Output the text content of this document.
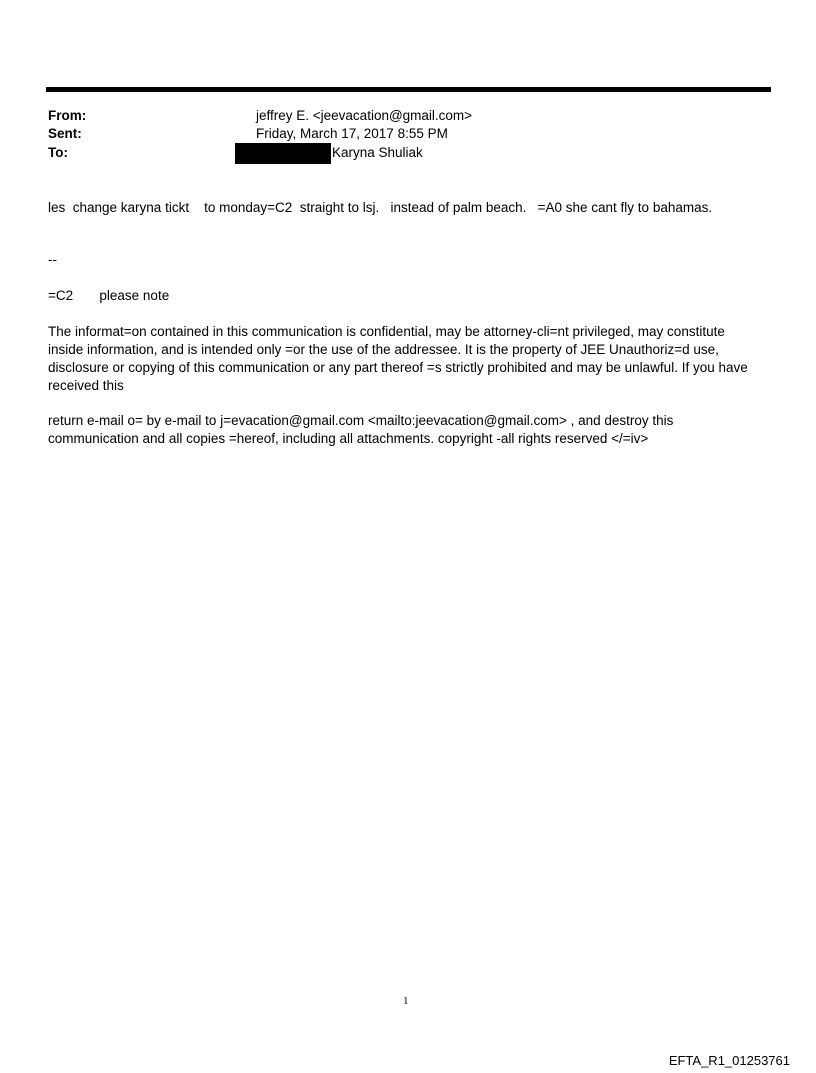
From:	jeffrey E. <jeevacation@gmail.com>
Sent:	Friday, March 17, 2017 8:55 PM
To:	Karyna Shuliak
les  change karyna tickt    to monday=C2  straight to lsj.   instead of palm beach.   =A0 she cant fly to bahamas.
--
=C2       please note
The informat=on contained in this communication is confidential, may be attorney-cli=nt privileged, may constitute inside information, and is intended only =or the use of the addressee. It is the property of JEE Unauthoriz=d use, disclosure or copying of this communication or any part thereof =s strictly prohibited and may be unlawful. If you have received this
return e-mail o= by e-mail to j=evacation@gmail.com <mailto:jeevacation@gmail.com> , and destroy this communication and all copies =hereof, including all attachments. copyright -all rights reserved </=iv>
1
EFTA_R1_01253761
